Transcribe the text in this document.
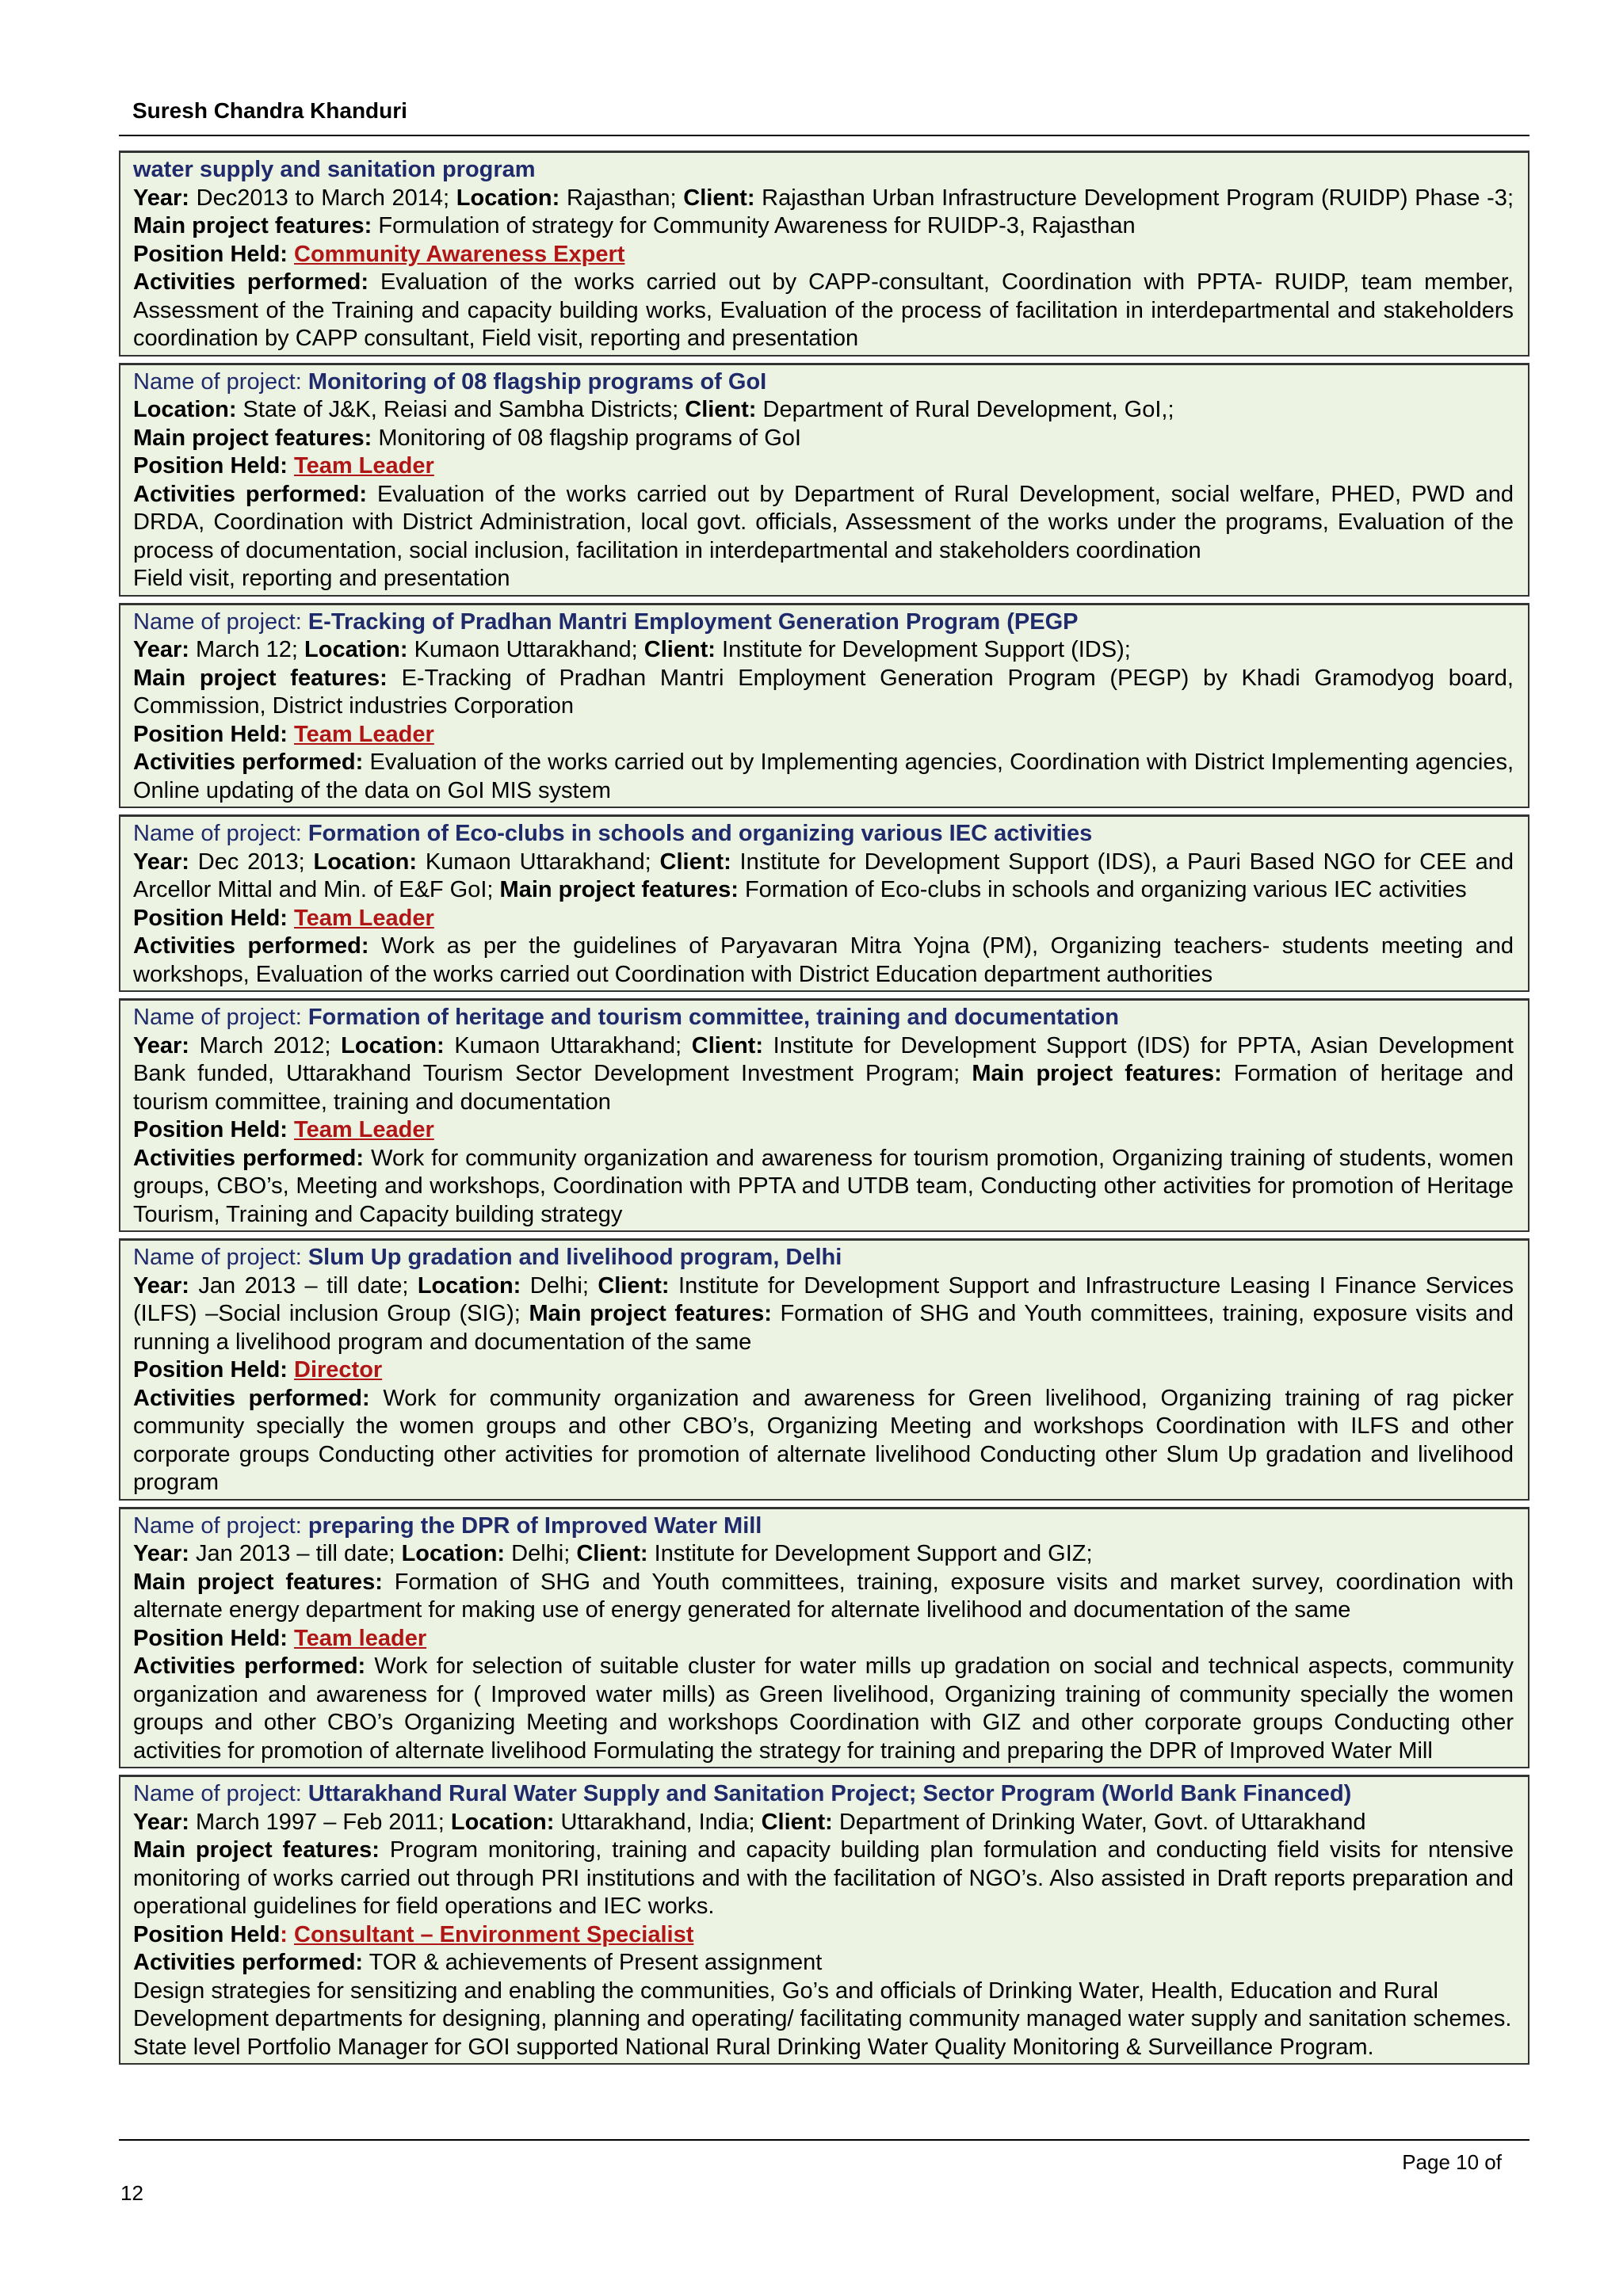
Suresh Chandra Khanduri

water supply and sanitation program

Year: Dec2013 to March 2014; Location: Rajasthan; Client: Rajasthan Urban Infrastructure Development Program (RUIDP) Phase -3; Main project features: Formulation of strategy for Community Awareness for RUIDP-3, Rajasthan

Position Held: Community Awareness Expert

Activities performed: Evaluation of the works carried out by CAPP-consultant, Coordination with PPTA- RUIDP, team member, Assessment of the Training and capacity building works, Evaluation of the process of facilitation in interdepartmental and stakeholders coordination by CAPP consultant, Field visit, reporting and presentation

Name of project: Monitoring of 08 flagship programs of GoI

Location: State of J&K, Reiasi and Sambha Districts; Client: Department of Rural Development, GoI,;

Main project features: Monitoring of 08 flagship programs of GoI

Position Held: Team Leader

Activities performed: Evaluation of the works carried out by Department of Rural Development, social welfare, PHED, PWD and DRDA, Coordination with District Administration, local govt. officials, Assessment of the works under the programs, Evaluation of the process of documentation, social inclusion, facilitation in interdepartmental and stakeholders coordination

Field visit, reporting and presentation

Name of project: E-Tracking of Pradhan Mantri Employment Generation Program (PEGP

Year: March 12; Location: Kumaon Uttarakhand; Client: Institute for Development Support (IDS);

Main project features: E-Tracking of Pradhan Mantri Employment Generation Program (PEGP) by Khadi Gramodyog board, Commission, District industries Corporation

Position Held: Team Leader

Activities performed: Evaluation of the works carried out by Implementing agencies, Coordination with District Implementing agencies, Online updating of the data on GoI MIS system

Name of project: Formation of Eco-clubs in schools and organizing various IEC activities

Year: Dec 2013; Location: Kumaon Uttarakhand; Client: Institute for Development Support (IDS), a Pauri Based NGO for CEE and Arcellor Mittal and Min. of E&F GoI; Main project features: Formation of Eco-clubs in schools and organizing various IEC activities

Position Held: Team Leader

Activities performed: Work as per the guidelines of Paryavaran Mitra Yojna (PM), Organizing teachers- students meeting and workshops, Evaluation of the works carried out Coordination with District Education department authorities

Name of project: Formation of heritage and tourism committee, training and documentation

Year: March 2012; Location: Kumaon Uttarakhand; Client: Institute for Development Support (IDS) for PPTA, Asian Development Bank funded, Uttarakhand Tourism Sector Development Investment Program; Main project features: Formation of heritage and tourism committee, training and documentation

Position Held: Team Leader

Activities performed: Work for community organization and awareness for tourism promotion, Organizing training of students, women groups, CBO’s, Meeting and workshops, Coordination with PPTA and UTDB team, Conducting other activities for promotion of Heritage Tourism, Training and Capacity building strategy

Name of project: Slum Up gradation and livelihood program, Delhi

Year: Jan 2013 – till date; Location: Delhi; Client: Institute for Development Support and Infrastructure Leasing I Finance Services (ILFS) –Social inclusion Group (SIG); Main project features: Formation of SHG and Youth committees, training, exposure visits and running a livelihood program and documentation of the same

Position Held: Director

Activities performed: Work for community organization and awareness for Green livelihood, Organizing training of rag picker community specially the women groups and other CBO’s, Organizing Meeting and workshops Coordination with ILFS and other corporate groups Conducting other activities for promotion of alternate livelihood Conducting other Slum Up gradation and livelihood program

Name of project: preparing the DPR of Improved Water Mill

Year: Jan 2013 – till date; Location: Delhi; Client: Institute for Development Support and GIZ;

Main project features: Formation of SHG and Youth committees, training, exposure visits and market survey, coordination with alternate energy department for making use of energy generated for alternate livelihood and documentation of the same

Position Held: Team leader

Activities performed: Work for selection of suitable cluster for water mills up gradation on social and technical aspects, community organization and awareness for ( Improved water mills) as Green livelihood, Organizing training of community specially the women groups and other CBO’s Organizing Meeting and workshops Coordination with GIZ and other corporate groups Conducting other activities for promotion of alternate livelihood Formulating the strategy for training and preparing the DPR of Improved Water Mill

Name of project: Uttarakhand Rural Water Supply and Sanitation Project; Sector Program (World Bank Financed)

Year: March 1997 – Feb 2011; Location: Uttarakhand, India; Client: Department of Drinking Water, Govt. of Uttarakhand

Main project features: Program monitoring, training and capacity building plan formulation and conducting field visits for ntensive monitoring of works carried out through PRI institutions and with the facilitation of NGO’s. Also assisted in Draft reports preparation and operational guidelines for field operations and IEC works.

Position Held: Consultant – Environment Specialist

Activities performed: TOR & achievements of Present assignment

Design strategies for sensitizing and enabling the communities, Go’s and officials of Drinking Water, Health, Education and Rural Development departments for designing, planning and operating/ facilitating community managed water supply and sanitation schemes.

State level Portfolio Manager for GOI supported National Rural Drinking Water Quality Monitoring & Surveillance Program.

Page 10 of
12
